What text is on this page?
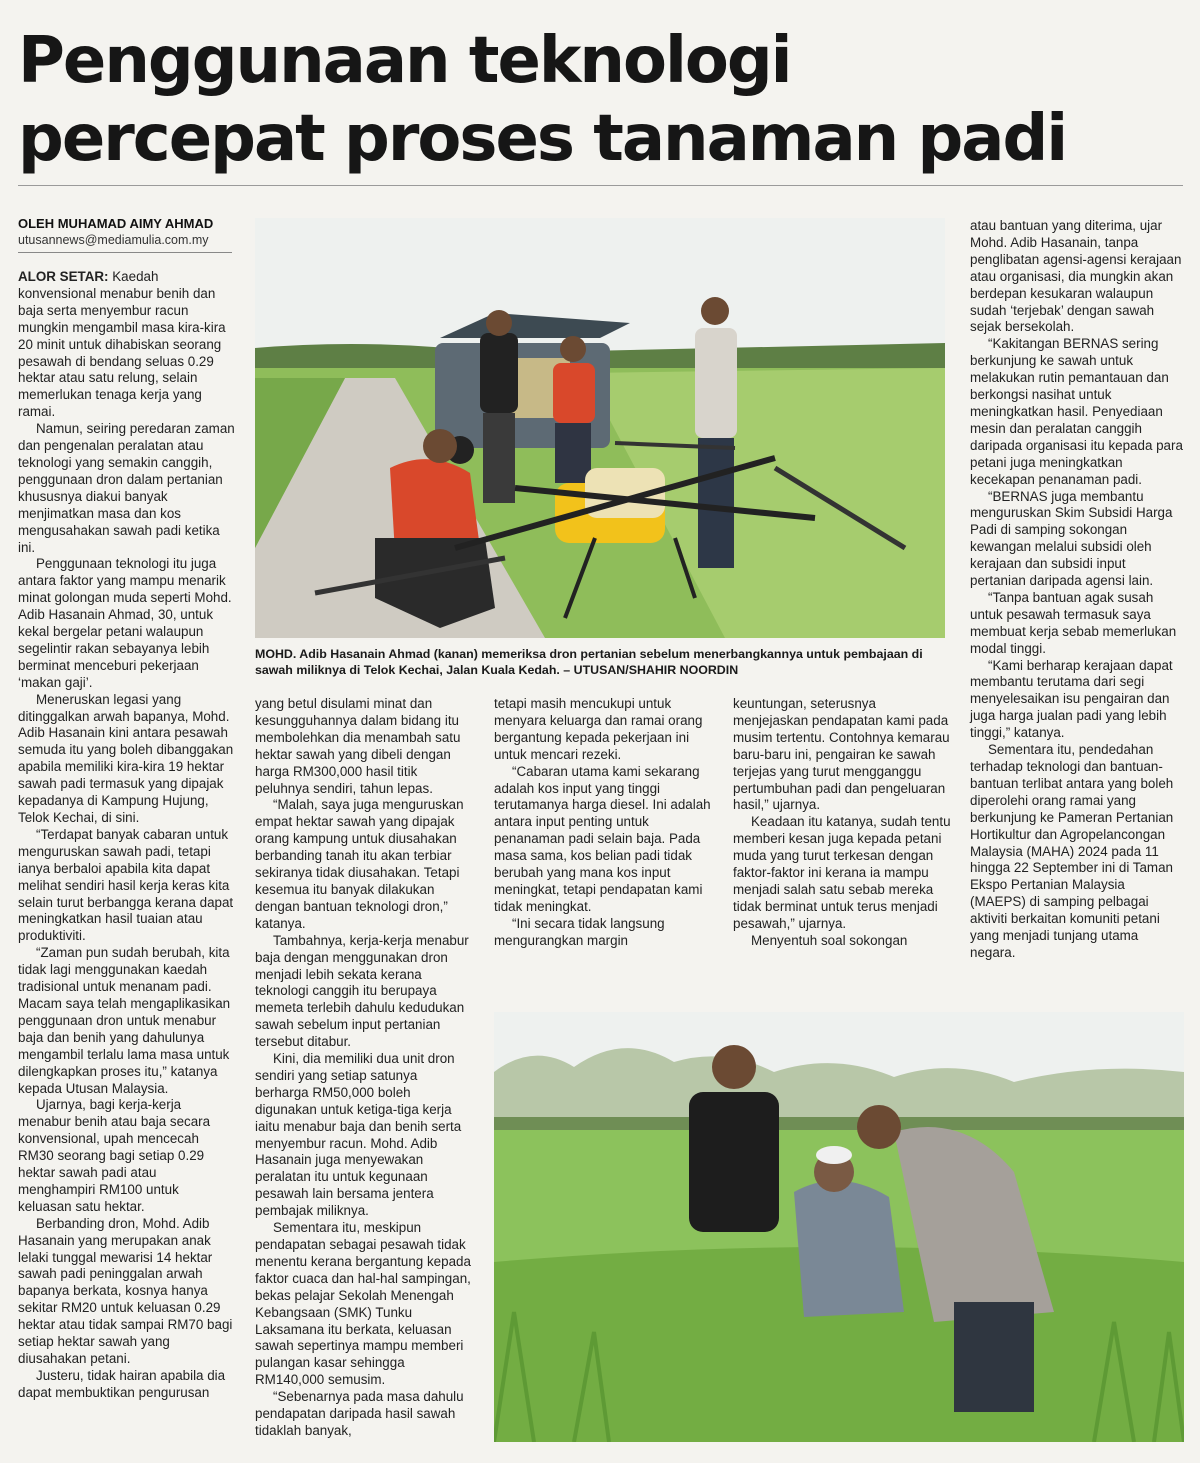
Penggunaan teknologi
percepat proses tanaman padi
OLEH MUHAMAD AIMY AHMAD
utusannews@mediamulia.com.my
MOHD. Adib Hasanain Ahmad (kanan) memeriksa dron pertanian sebelum menerbangkannya untuk pembajaan di sawah miliknya di Telok Kechai, Jalan Kuala Kedah. – UTUSAN/SHAHIR NOORDIN

ALOR SETAR: Kaedah konvensional menabur benih dan baja serta menyembur racun mungkin mengambil masa kira-kira 20 minit untuk dihabiskan seorang pesawah di bendang seluas 0.29 hektar atau satu relung, selain memerlukan tenaga kerja yang ramai.

Namun, seiring peredaran zaman dan pengenalan peralatan atau teknologi yang semakin canggih, penggunaan dron dalam pertanian khususnya diakui banyak menjimatkan masa dan kos mengusahakan sawah padi ketika ini.

Penggunaan teknologi itu juga antara faktor yang mampu menarik minat golongan muda seperti Mohd. Adib Hasanain Ahmad, 30, untuk kekal bergelar petani walaupun segelintir rakan sebayanya lebih berminat menceburi pekerjaan ‘makan gaji’.

Meneruskan legasi yang ditinggalkan arwah bapanya, Mohd. Adib Hasanain kini antara pesawah semuda itu yang boleh dibanggakan apabila memiliki kira-kira 19 hektar sawah padi termasuk yang dipajak kepadanya di Kampung Hujung, Telok Kechai, di sini.

“Terdapat banyak cabaran untuk menguruskan sawah padi, tetapi ianya berbaloi apabila kita dapat melihat sendiri hasil kerja keras kita selain turut berbangga kerana dapat meningkatkan hasil tuaian atau produktiviti.

“Zaman pun sudah berubah, kita tidak lagi menggunakan kaedah tradisional untuk menanam padi. Macam saya telah mengaplikasikan penggunaan dron untuk menabur baja dan benih yang dahulunya mengambil terlalu lama masa untuk dilengkapkan proses itu,” katanya kepada Utusan Malaysia.

Ujarnya, bagi kerja-kerja menabur benih atau baja secara konvensional, upah mencecah RM30 seorang bagi setiap 0.29 hektar sawah padi atau menghampiri RM100 untuk keluasan satu hektar.

Berbanding dron, Mohd. Adib Hasanain yang merupakan anak lelaki tunggal mewarisi 14 hektar sawah padi peninggalan arwah bapanya berkata, kosnya hanya sekitar RM20 untuk keluasan 0.29 hektar atau tidak sampai RM70 bagi setiap hektar sawah yang diusahakan petani.

Justeru, tidak hairan apabila dia dapat membuktikan pengurusan

yang betul disulami minat dan kesungguhannya dalam bidang itu membolehkan dia menambah satu hektar sawah yang dibeli dengan harga RM300,000 hasil titik peluhnya sendiri, tahun lepas.

“Malah, saya juga menguruskan empat hektar sawah yang dipajak orang kampung untuk diusahakan berbanding tanah itu akan terbiar sekiranya tidak diusahakan. Tetapi kesemua itu banyak dilakukan dengan bantuan teknologi dron,” katanya.

Tambahnya, kerja-kerja menabur baja dengan menggunakan dron menjadi lebih sekata kerana teknologi canggih itu berupaya memeta terlebih dahulu kedudukan sawah sebelum input pertanian tersebut ditabur.

Kini, dia memiliki dua unit dron sendiri yang setiap satunya berharga RM50,000 boleh digunakan untuk ketiga-tiga kerja iaitu menabur baja dan benih serta menyembur racun. Mohd. Adib Hasanain juga menyewakan peralatan itu untuk kegunaan pesawah lain bersama jentera pembajak miliknya.

Sementara itu, meskipun pendapatan sebagai pesawah tidak menentu kerana bergantung kepada faktor cuaca dan hal-hal sampingan, bekas pelajar Sekolah Menengah Kebangsaan (SMK) Tunku Laksamana itu berkata, keluasan sawah sepertinya mampu memberi pulangan kasar sehingga RM140,000 semusim.

“Sebenarnya pada masa dahulu pendapatan daripada hasil sawah tidaklah banyak,

tetapi masih mencukupi untuk menyara keluarga dan ramai orang bergantung kepada pekerjaan ini untuk mencari rezeki.

“Cabaran utama kami sekarang adalah kos input yang tinggi terutamanya harga diesel. Ini adalah antara input penting untuk penanaman padi selain baja. Pada masa sama, kos belian padi tidak berubah yang mana kos input meningkat, tetapi pendapatan kami tidak meningkat.

“Ini secara tidak langsung mengurangkan margin

keuntungan, seterusnya menjejaskan pendapatan kami pada musim tertentu. Contohnya kemarau baru-baru ini, pengairan ke sawah terjejas yang turut mengganggu pertumbuhan padi dan pengeluaran hasil,” ujarnya.

Keadaan itu katanya, sudah tentu memberi kesan juga kepada petani muda yang turut terkesan dengan faktor-faktor ini kerana ia mampu menjadi salah satu sebab mereka tidak berminat untuk terus menjadi pesawah,” ujarnya.

Menyentuh soal sokongan

atau bantuan yang diterima, ujar Mohd. Adib Hasanain, tanpa penglibatan agensi-agensi kerajaan atau organisasi, dia mungkin akan berdepan kesukaran walaupun sudah ‘terjebak’ dengan sawah sejak bersekolah.

“Kakitangan BERNAS sering berkunjung ke sawah untuk melakukan rutin pemantauan dan berkongsi nasihat untuk meningkatkan hasil. Penyediaan mesin dan peralatan canggih daripada organisasi itu kepada para petani juga meningkatkan kecekapan penanaman padi.

“BERNAS juga membantu menguruskan Skim Subsidi Harga Padi di samping sokongan kewangan melalui subsidi oleh kerajaan dan subsidi input pertanian daripada agensi lain.

“Tanpa bantuan agak susah untuk pesawah termasuk saya membuat kerja sebab memerlukan modal tinggi.

“Kami berharap kerajaan dapat membantu terutama dari segi menyelesaikan isu pengairan dan juga harga jualan padi yang lebih tinggi,” katanya.

Sementara itu, pendedahan terhadap teknologi dan bantuan-bantuan terlibat antara yang boleh diperolehi orang ramai yang berkunjung ke Pameran Pertanian Hortikultur dan Agropelancongan Malaysia (MAHA) 2024 pada 11 hingga 22 September ini di Taman Ekspo Pertanian Malaysia (MAEPS) di samping pelbagai aktiviti berkaitan komuniti petani yang menjadi tunjang utama negara.
